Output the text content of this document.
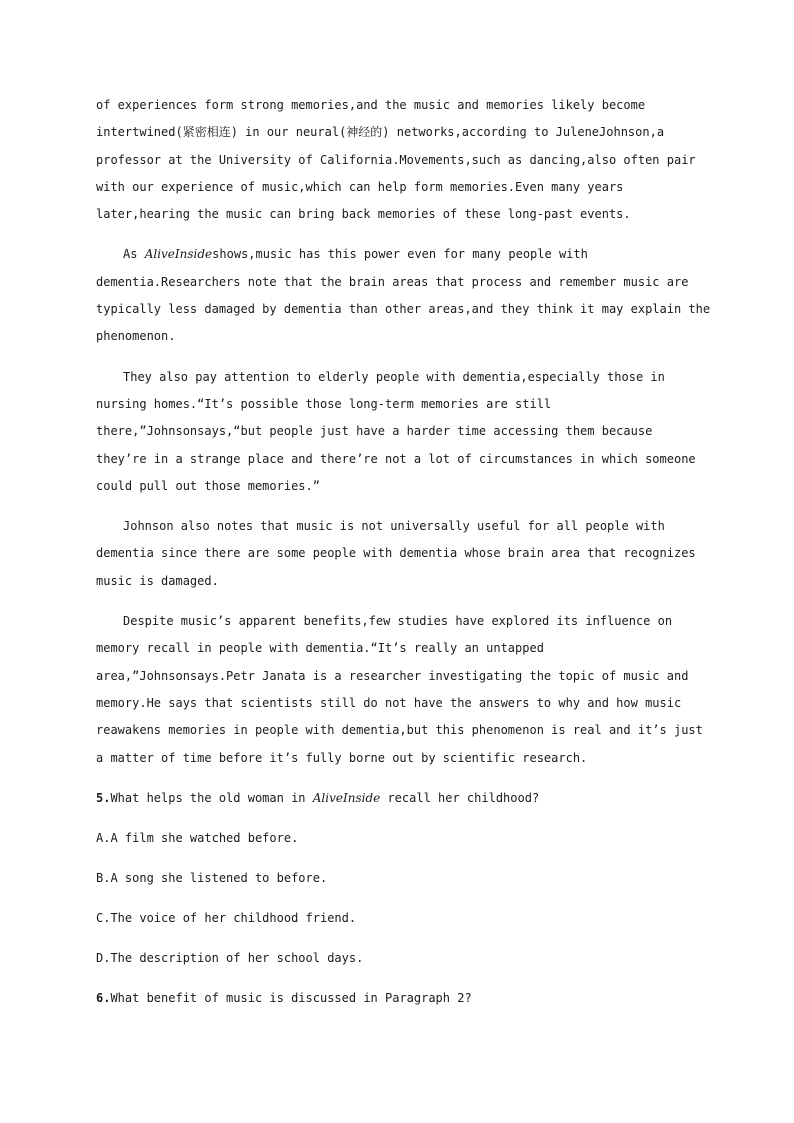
of experiences form strong memories,and the music and memories likely become
intertwined(紧密相连) in our neural(神经的) networks,according to JuleneJohnson,a
professor at the University of California.Movements,such as dancing,also often pair
with our experience of music,which can help form memories.Even many years
later,hearing the music can bring back memories of these long-past events.

As AliveInsideshows,music has this power even for many people with
dementia.Researchers note that the brain areas that process and remember music are
typically less damaged by dementia than other areas,and they think it may explain the
phenomenon.

They also pay attention to elderly people with dementia,especially those in
nursing homes.“It’s possible those long-term memories are still
there,”Johnsonsays,“but people just have a harder time accessing them because
they’re in a strange place and there’re not a lot of circumstances in which someone
could pull out those memories.”

Johnson also notes that music is not universally useful for all people with
dementia since there are some people with dementia whose brain area that recognizes
music is damaged.

Despite music’s apparent benefits,few studies have explored its influence on
memory recall in people with dementia.“It’s really an untapped
area,”Johnsonsays.Petr Janata is a researcher investigating the topic of music and
memory.He says that scientists still do not have the answers to why and how music
reawakens memories in people with dementia,but this phenomenon is real and it’s just
a matter of time before it’s fully borne out by scientific research.

5.What helps the old woman in AliveInside recall her childhood?

A.A film she watched before.

B.A song she listened to before.

C.The voice of her childhood friend.

D.The description of her school days.

6.What benefit of music is discussed in Paragraph 2?
